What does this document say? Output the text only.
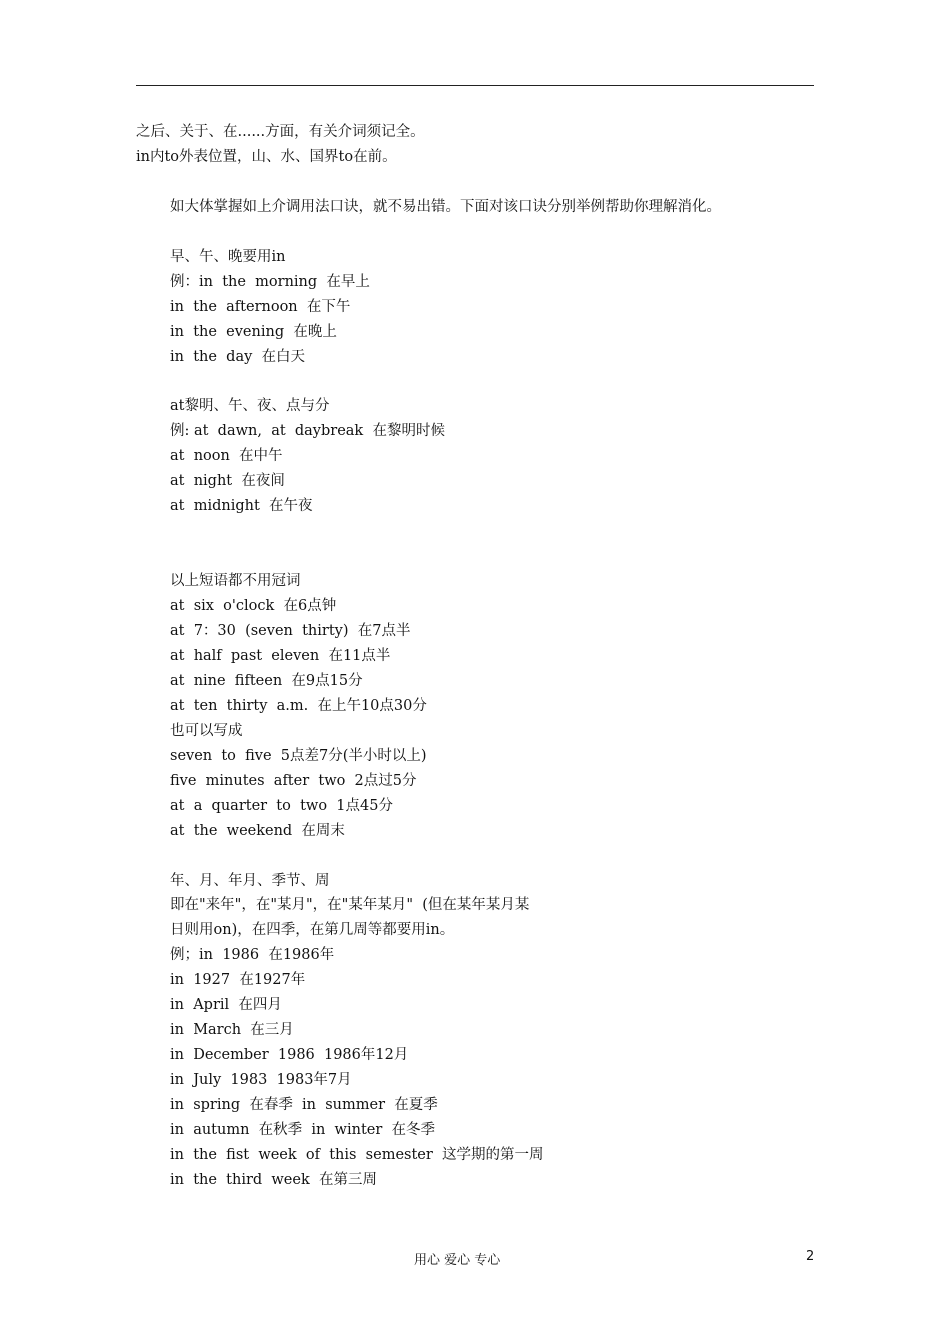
之后、关于、在......方面，有关介词须记全。
in内to外表位置，山、水、国界to在前。
如大体掌握如上介调用法口诀，就不易出错。下面对该口诀分别举例帮助你理解消化。
早、午、晚要用in
例：in  the  morning  在早上
in  the  afternoon  在下午
in  the  evening  在晚上
in  the  day  在白天
at黎明、午、夜、点与分
例: at  dawn,  at  daybreak  在黎明时候
at  noon  在中午
at  night  在夜间
at  midnight  在午夜
以上短语都不用冠词
at  six  o'clock  在6点钟
at  7：30  (seven  thirty)  在7点半
at  half  past  eleven  在11点半
at  nine  fifteen  在9点15分
at  ten  thirty  a.m.  在上午10点30分
也可以写成
seven  to  five  5点差7分(半小时以上)
five  minutes  after  two  2点过5分
at  a  quarter  to  two  1点45分
at  the  weekend  在周末
年、月、年月、季节、周
即在"来年"，在"某月"，在"某年某月"  (但在某年某月某
日则用on)，在四季，在第几周等都要用in。
例；in  1986  在1986年
in  1927  在1927年
in  April  在四月
in  March  在三月
in  December  1986  1986年12月
in  July  1983  1983年7月
in  spring  在春季  in  summer  在夏季
in  autumn  在秋季  in  winter  在冬季
in  the  fist  week  of  this  semester  这学期的第一周
in  the  third  week  在第三周
用心 爱心 专心	2
